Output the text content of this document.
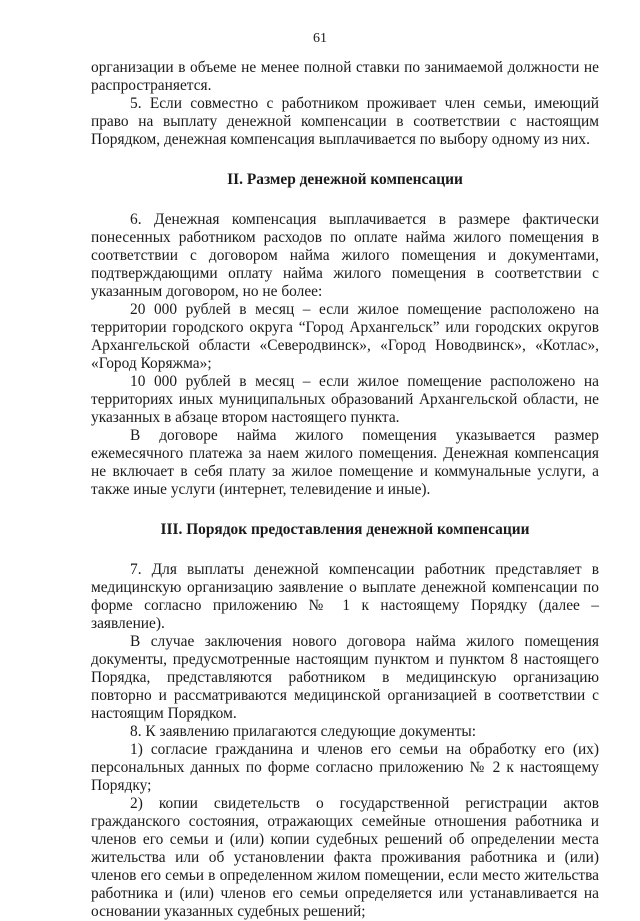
61

организации в объеме не менее полной ставки по занимаемой должности не распространяется.

5. Если совместно с работником проживает член семьи, имеющий право на выплату денежной компенсации в соответствии с настоящим Порядком, денежная компенсация выплачивается по выбору одному из них.

II. Размер денежной компенсации

6. Денежная компенсация выплачивается в размере фактически понесенных работником расходов по оплате найма жилого помещения в соответствии с договором найма жилого помещения и документами, подтверждающими оплату найма жилого помещения в соответствии с указанным договором, но не более:

20 000 рублей в месяц – если жилое помещение расположено на территории городского округа “Город Архангельск” или городских округов Архангельской области «Северодвинск», «Город Новодвинск», «Котлас», «Город Коряжма»;

10 000 рублей в месяц – если жилое помещение расположено на территориях иных муниципальных образований Архангельской области, не указанных в абзаце втором настоящего пункта.

В договоре найма жилого помещения указывается размер ежемесячного платежа за наем жилого помещения. Денежная компенсация не включает в себя плату за жилое помещение и коммунальные услуги, а также иные услуги (интернет, телевидение и иные).

III. Порядок предоставления денежной компенсации

7. Для выплаты денежной компенсации работник представляет в медицинскую организацию заявление о выплате денежной компенсации по форме согласно приложению № 1 к настоящему Порядку (далее – заявление).

В случае заключения нового договора найма жилого помещения документы, предусмотренные настоящим пунктом и пунктом 8 настоящего Порядка, представляются работником в медицинскую организацию повторно и рассматриваются медицинской организацией в соответствии с настоящим Порядком.

8. К заявлению прилагаются следующие документы:

1) согласие гражданина и членов его семьи на обработку его (их) персональных данных по форме согласно приложению № 2 к настоящему Порядку;

2) копии свидетельств о государственной регистрации актов гражданского состояния, отражающих семейные отношения работника и членов его семьи и (или) копии судебных решений об определении места жительства или об установлении факта проживания работника и (или) членов его семьи в определенном жилом помещении, если место жительства работника и (или) членов его семьи определяется или устанавливается на основании указанных судебных решений;
